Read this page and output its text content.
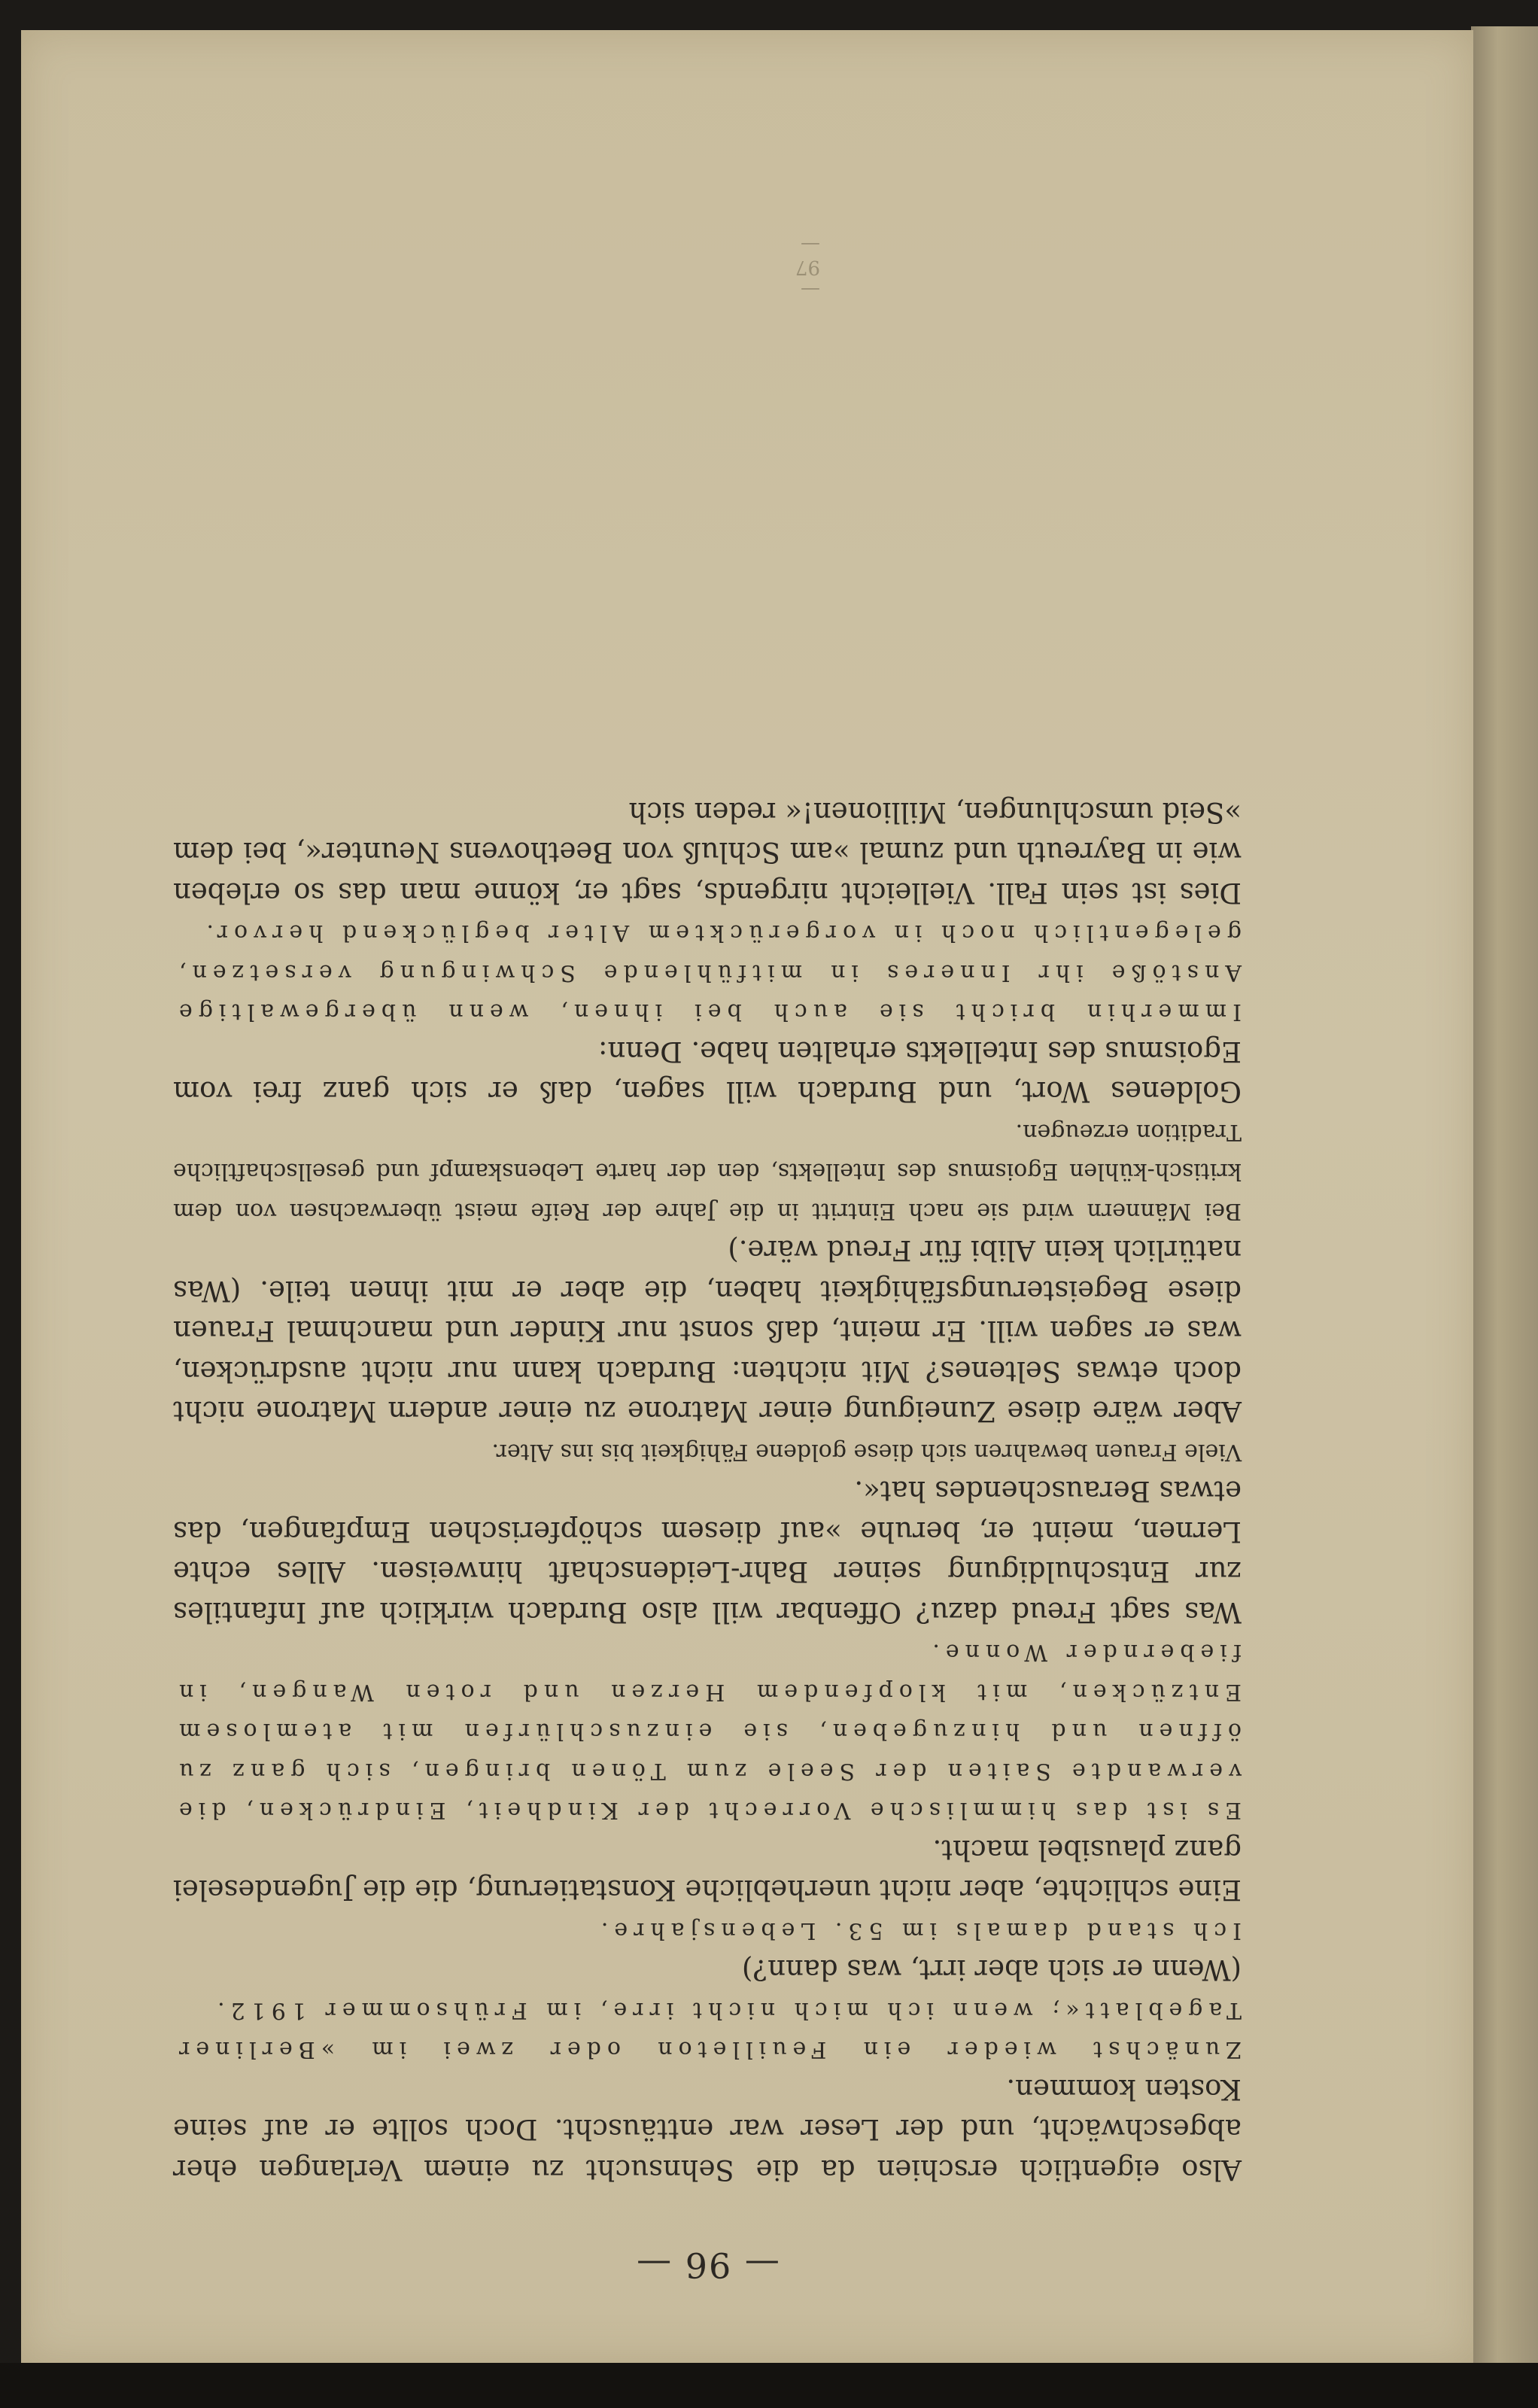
— 97 —
— 96 —

Also eigentlich erschien da die Sehnsucht zu einem Verlangen eher abgeschwächt, und der Leser war enttäuscht. Doch sollte er auf seine Kosten kommen.

Zunächst wieder ein Feuilleton oder zwei im »Berliner Tageblatt«; wenn ich mich nicht irre, im Frühsommer 1912.

(Wenn er sich aber irrt, was dann?)

Ich stand damals im 53. Lebensjahre.

Eine schlichte, aber nicht unerhebliche Konstatierung, die die Jugendeselei ganz plausibel macht.

Es ist das himmlische Vorrecht der Kindheit, Eindrücken, die verwandte Saiten der Seele zum Tönen bringen, sich ganz zu öffnen und hinzugeben, sie einzuschlürfen mit atemlosem Entzücken, mit klopfendem Herzen und roten Wangen, in fiebernder Wonne.

Was sagt Freud dazu? Offenbar will also Burdach wirklich auf Infantiles zur Entschuldigung seiner Bahr-Leidenschaft hinweisen. Alles echte Lernen, meint er, beruhe »auf diesem schöpferischen Empfangen, das etwas Berauschendes hat«.

Viele Frauen bewahren sich diese goldene Fähigkeit bis ins Alter.

Aber wäre diese Zuneigung einer Matrone zu einer andern Matrone nicht doch etwas Seltenes? Mit nichten: Burdach kann nur nicht ausdrücken, was er sagen will. Er meint, daß sonst nur Kinder und manchmal Frauen diese Begeisterungsfähigkeit haben, die aber er mit ihnen teile. (Was natürlich kein Alibi für Freud wäre.)

Bei Männern wird sie nach Eintritt in die Jahre der Reife meist überwachsen von dem kritisch-kühlen Egoismus des Intellekts, den der harte Lebenskampf und gesellschaftliche Tradition erzeugen.

Goldenes Wort, und Burdach will sagen, daß er sich ganz frei vom Egoismus des Intellekts erhalten habe. Denn:

Immerhin bricht sie auch bei ihnen, wenn übergewaltige Anstöße ihr Inneres in mitfühlende Schwingung versetzen, gelegentlich noch in vorgerücktem Alter beglückend hervor.

Dies ist sein Fall. Vielleicht nirgends, sagt er, könne man das so erleben wie in Bayreuth und zumal »am Schluß von Beethovens Neunter«, bei dem »Seid umschlungen, Millionen!« reden sich
